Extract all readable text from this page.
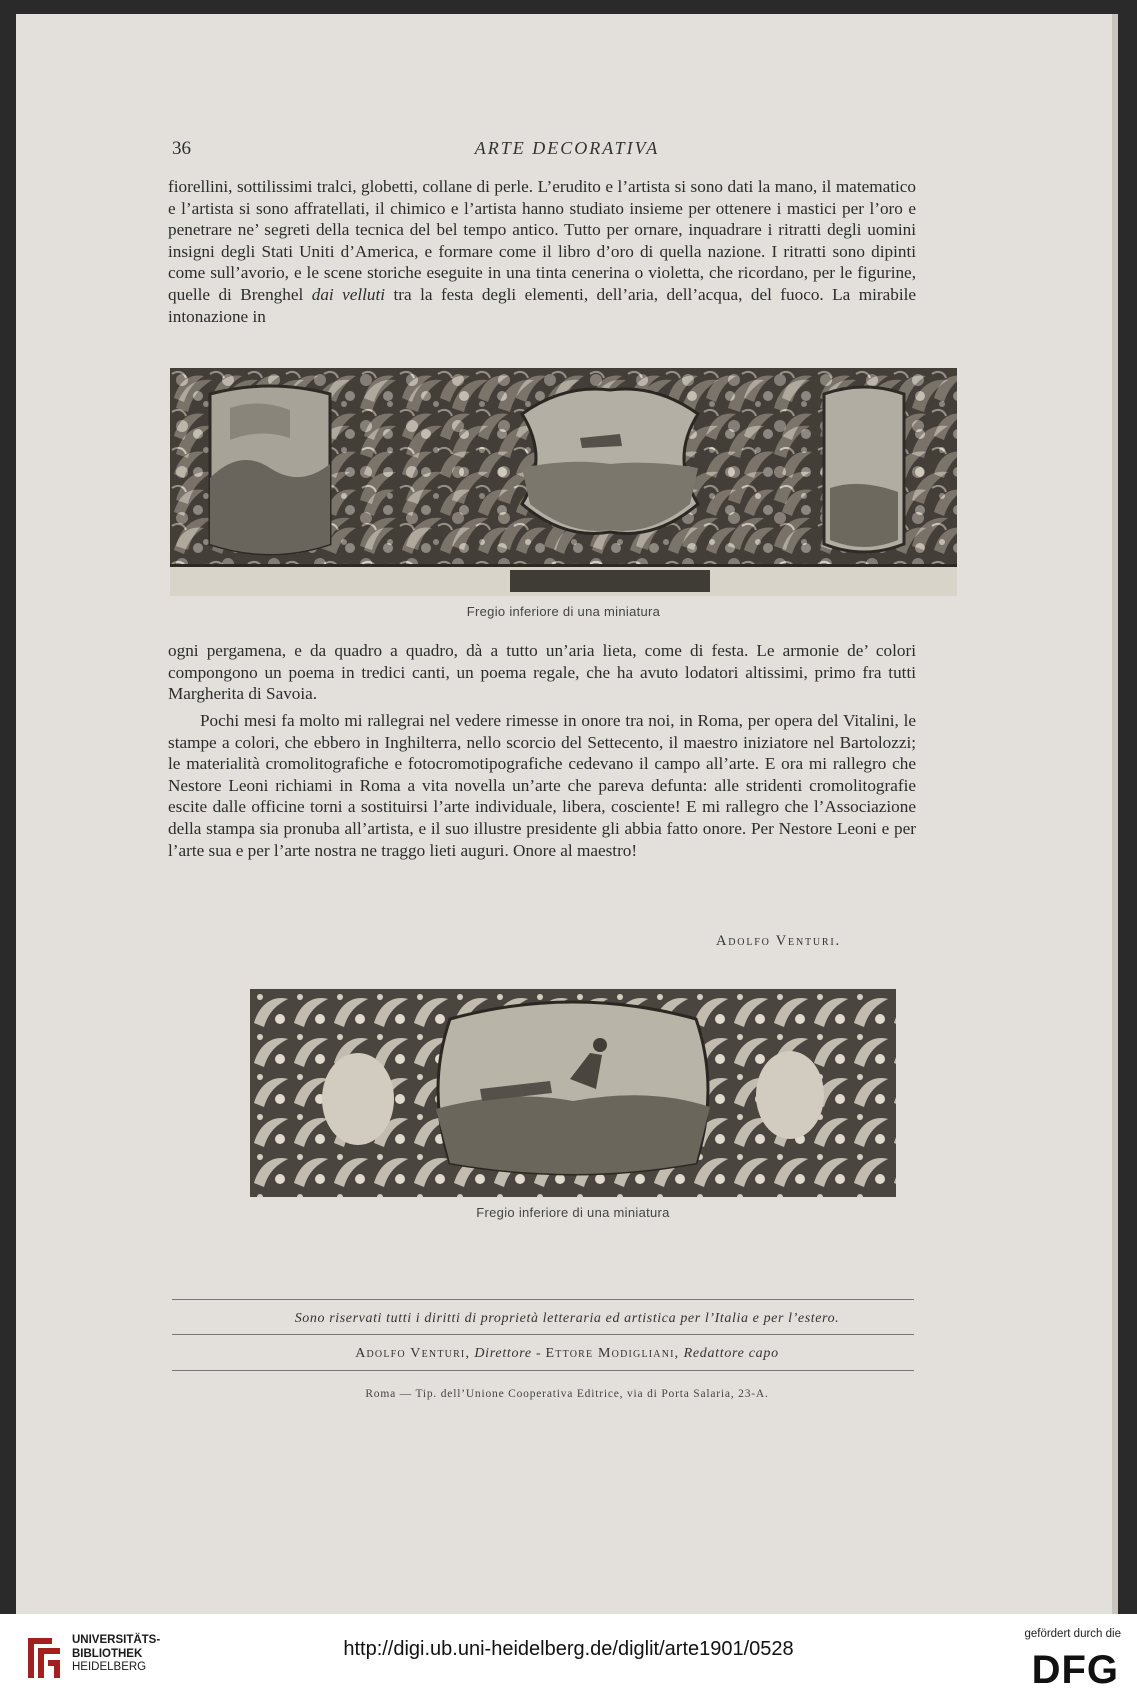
36	ARTE DECORATIVA
fiorellini, sottilissimi tralci, globetti, collane di perle. L’erudito e l’artista si sono dati la mano, il matematico e l’artista si sono affratellati, il chimico e l’artista hanno studiato insieme per ottenere i mastici per l’oro e penetrare ne’ segreti della tecnica del bel tempo antico. Tutto per ornare, inquadrare i ritratti degli uomini insigni degli Stati Uniti d’America, e formare come il libro d’oro di quella nazione. I ritratti sono dipinti come sull’avorio, e le scene storiche eseguite in una tinta cenerina o violetta, che ricordano, per le figurine, quelle di Brenghel dai velluti tra la festa degli elementi, dell’aria, dell’acqua, del fuoco. La mirabile intonazione in
Fregio inferiore di una miniatura
ogni pergamena, e da quadro a quadro, dà a tutto un’aria lieta, come di festa. Le armonie de’ colori compongono un poema in tredici canti, un poema regale, che ha avuto lodatori altissimi, primo fra tutti Margherita di Savoia.
Pochi mesi fa molto mi rallegrai nel vedere rimesse in onore tra noi, in Roma, per opera del Vitalini, le stampe a colori, che ebbero in Inghilterra, nello scorcio del Settecento, il maestro iniziatore nel Bartolozzi; le materialità cromolitografiche e fotocromotipografiche cedevano il campo all’arte. E ora mi rallegro che Nestore Leoni richiami in Roma a vita novella un’arte che pareva defunta: alle stridenti cromolitografie escite dalle officine torni a sostituirsi l’arte individuale, libera, cosciente! E mi rallegro che l’Associazione della stampa sia pronuba all’artista, e il suo illustre presidente gli abbia fatto onore. Per Nestore Leoni e per l’arte sua e per l’arte nostra ne traggo lieti auguri. Onore al maestro!
Adolfo Venturi.
Fregio inferiore di una miniatura
Sono riservati tutti i diritti di proprietà letteraria ed artistica per l’Italia e per l’estero.
Adolfo Venturi, Direttore - Ettore Modigliani, Redattore capo
Roma — Tip. dell’Unione Cooperativa Editrice, via di Porta Salaria, 23-A.
UNIVERSITÄTS-
BIBLIOTHEK
HEIDELBERG
http://digi.ub.uni-heidelberg.de/diglit/arte1901/0528
gefördert durch die
DFG
